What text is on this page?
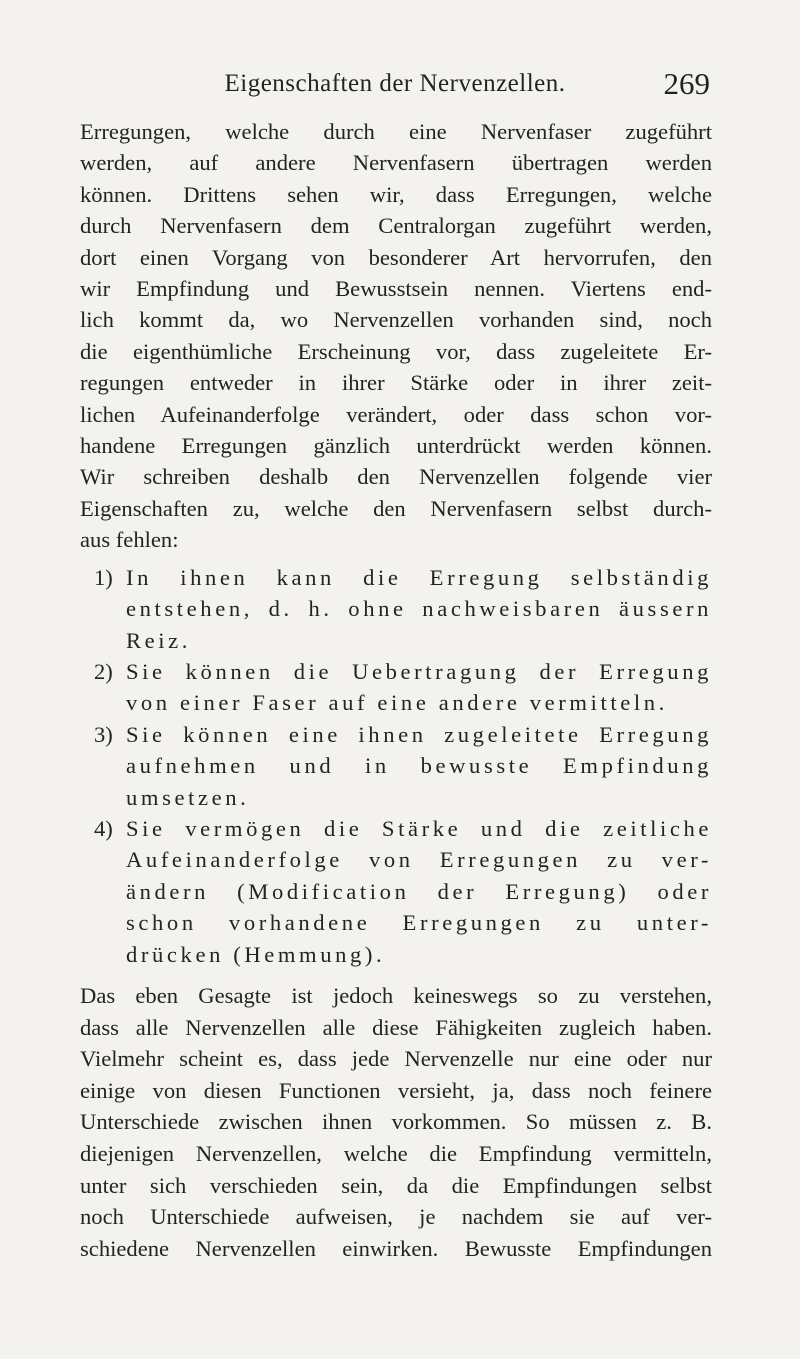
Eigenschaften der Nervenzellen.	269
Erregungen, welche durch eine Nervenfaser zugeführt
werden, auf andere Nervenfasern übertragen werden
können. Drittens sehen wir, dass Erregungen, welche
durch Nervenfasern dem Centralorgan zugeführt werden,
dort einen Vorgang von besonderer Art hervorrufen, den
wir Empfindung und Bewusstsein nennen. Viertens end-
lich kommt da, wo Nervenzellen vorhanden sind, noch
die eigenthümliche Erscheinung vor, dass zugeleitete Er-
regungen entweder in ihrer Stärke oder in ihrer zeit-
lichen Aufeinanderfolge verändert, oder dass schon vor-
handene Erregungen gänzlich unterdrückt werden können.
Wir schreiben deshalb den Nervenzellen folgende vier
Eigenschaften zu, welche den Nervenfasern selbst durch-
aus fehlen:
1) In ihnen kann die Erregung selbständig
entstehen, d. h. ohne nachweisbaren äussern
Reiz.
2) Sie können die Uebertragung der Erregung
von einer Faser auf eine andere vermitteln.
3) Sie können eine ihnen zugeleitete Erregung
aufnehmen und in bewusste Empfindung
umsetzen.
4) Sie vermögen die Stärke und die zeitliche
Aufeinanderfolge von Erregungen zu ver-
ändern (Modification der Erregung) oder
schon vorhandene Erregungen zu unter-
drücken (Hemmung).
Das eben Gesagte ist jedoch keineswegs so zu verstehen,
dass alle Nervenzellen alle diese Fähigkeiten zugleich haben.
Vielmehr scheint es, dass jede Nervenzelle nur eine oder nur
einige von diesen Functionen versieht, ja, dass noch feinere
Unterschiede zwischen ihnen vorkommen. So müssen z. B.
diejenigen Nervenzellen, welche die Empfindung vermitteln,
unter sich verschieden sein, da die Empfindungen selbst
noch Unterschiede aufweisen, je nachdem sie auf ver-
schiedene Nervenzellen einwirken. Bewusste Empfindungen
